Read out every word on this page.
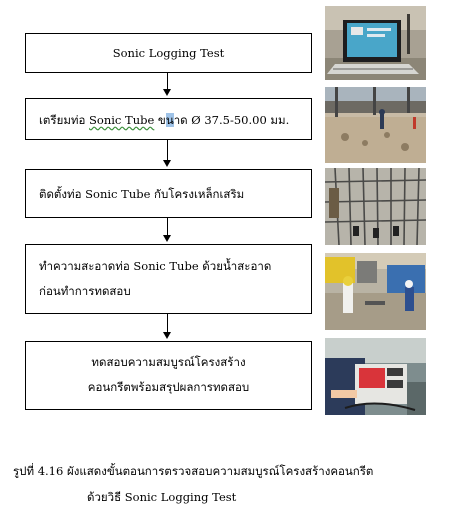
Sonic Logging Test
เตรียมท่อ Sonic Tube ขนาด Ø 37.5-50.00 มม.
ติดตั้งท่อ Sonic Tube กับโครงเหล็กเสริม
ทำความสะอาดท่อ Sonic Tube ด้วยน้ำสะอาด
ก่อนทำการทดสอบ
ทดสอบความสมบูรณ์โครงสร้าง
คอนกรีตพร้อมสรุปผลการทดสอบ
รูปที่ 4.16 ผังแสดงขั้นตอนการตรวจสอบความสมบูรณ์โครงสร้างคอนกรีต
ด้วยวิธี Sonic Logging Test
